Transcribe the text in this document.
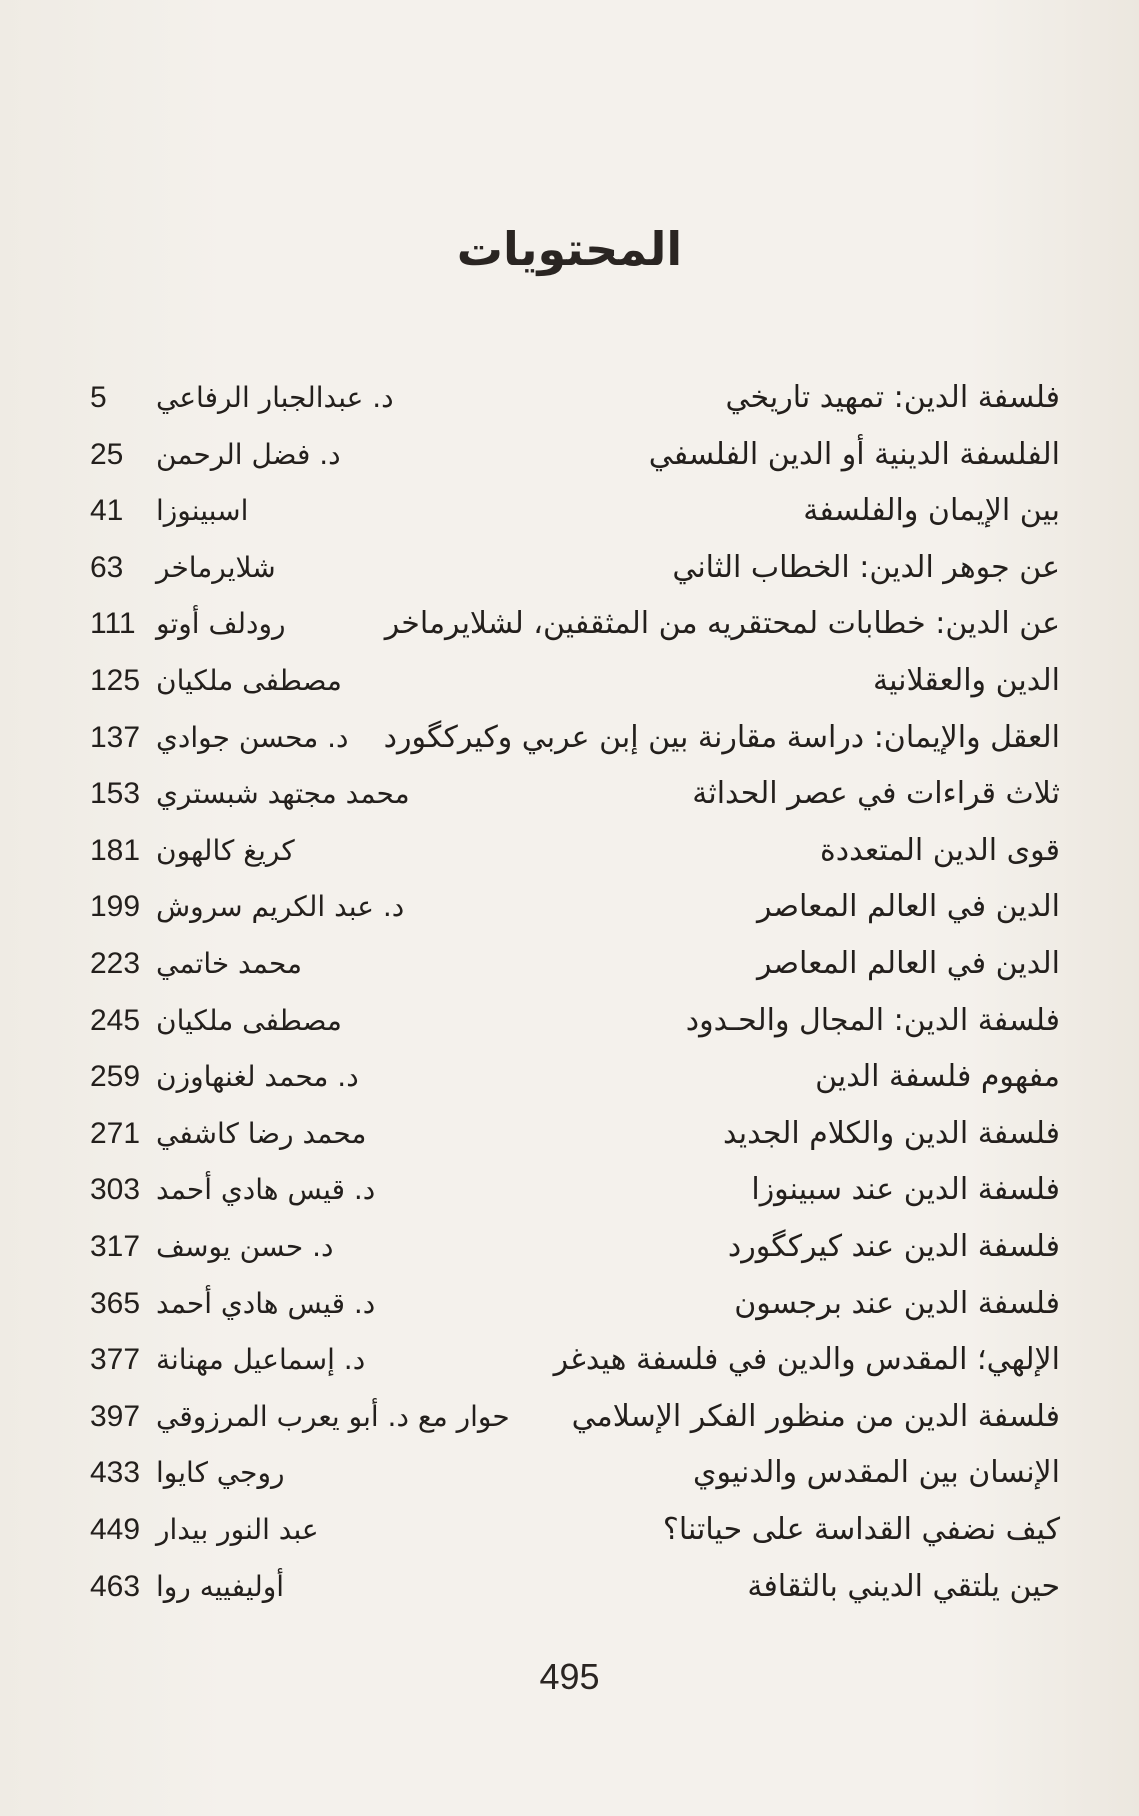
المحتويات
فلسفة الدين: تمهيد تاريخي
5 د. عبدالجبار الرفاعي
الفلسفة الدينية أو الدين الفلسفي
25 د. فضل الرحمن
بين الإيمان والفلسفة
41 اسبينوزا
عن جوهر الدين: الخطاب الثاني
63 شلايرماخر
عن الدين: خطابات لمحتقريه من المثقفين، لشلايرماخر
111 رودلف أوتو
الدين والعقلانية
125 مصطفى ملكيان
العقل والإيمان: دراسة مقارنة بين إبن عربي وكيركگورد
137 د. محسن جوادي
ثلاث قراءات في عصر الحداثة
153 محمد مجتهد شبستري
قوى الدين المتعددة
181 كريغ كالهون
الدين في العالم المعاصر
199 د. عبد الكريم سروش
الدين في العالم المعاصر
223 محمد خاتمي
فلسفة الدين: المجال والحـدود
245 مصطفى ملكيان
مفهوم فلسفة الدين
259 د. محمد لغنهاوزن
فلسفة الدين والكلام الجديد
271 محمد رضا كاشفي
فلسفة الدين عند سبينوزا
303 د. قيس هادي أحمد
فلسفة الدين عند كيركگورد
317 د. حسن يوسف
فلسفة الدين عند برجسون
365 د. قيس هادي أحمد
الإلهي؛ المقدس والدين في فلسفة هيدغر
377 د. إسماعيل مهنانة
فلسفة الدين من منظور الفكر الإسلامي
397 حوار مع د. أبو يعرب المرزوقي
الإنسان بين المقدس والدنيوي
433 روجي كايوا
كيف نضفي القداسة على حياتنا؟
449 عبد النور بيدار
حين يلتقي الديني بالثقافة
463 أوليفييه روا
495
